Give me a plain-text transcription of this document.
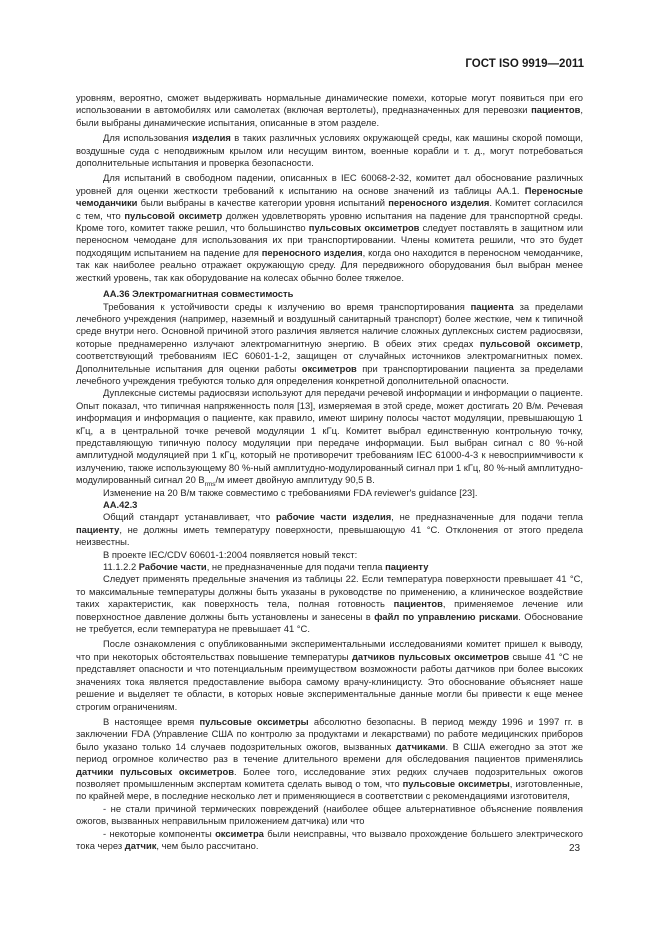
ГОСТ ISO 9919—2011

уровням, вероятно, сможет выдерживать нормальные динамические помехи, которые могут появиться при его использовании в автомобилях или самолетах (включая вертолеты), предназначенных для перевозки пациентов, были выбраны динамические испытания, описанные в этом разделе.

Для использования изделия в таких различных условиях окружающей среды, как машины скорой помощи, воздушные суда с неподвижным крылом или несущим винтом, военные корабли и т. д., могут потребоваться дополнительные испытания и проверка безопасности.

Для испытаний в свободном падении, описанных в IEC 60068-2-32, комитет дал обоснование различных уровней для оценки жесткости требований к испытанию на основе значений из таблицы АА.1. Переносные чемоданчики были выбраны в качестве категории уровня испытаний переносного изделия. Комитет согласился с тем, что пульсовой оксиметр должен удовлетворять уровню испытания на падение для транспортной среды. Кроме того, комитет также решил, что большинство пульсовых оксиметров следует поставлять в защитном или переносном чемодане для использования их при транспортировании. Члены комитета решили, что это будет подходящим испытанием на падение для переносного изделия, когда оно находится в переносном чемоданчике, так как наиболее реально отражает окружающую среду. Для передвижного оборудования был выбран менее жесткий уровень, так как оборудование на колесах обычно более тяжелое.

АА.36 Электромагнитная совместимость

Требования к устойчивости среды к излучению во время транспортирования пациента за пределами лечебного учреждения (например, наземный и воздушный санитарный транспорт) более жесткие, чем к типичной среде внутри него. Основной причиной этого различия является наличие сложных дуплексных систем радиосвязи, которые преднамеренно излучают электромагнитную энергию. В обеих этих средах пульсовой оксиметр, соответствующий требованиям IEC 60601-1-2, защищен от случайных источников электромагнитных помех. Дополнительные испытания для оценки работы оксиметров при транспортировании пациента за пределами лечебного учреждения требуются только для определения конкретной дополнительной опасности.

Дуплексные системы радиосвязи используют для передачи речевой информации и информации о пациенте. Опыт показал, что типичная напряженность поля [13], измеряемая в этой среде, может достигать 20 В/м. Речевая информация и информация о пациенте, как правило, имеют ширину полосы частот модуляции, превышающую 1 кГц, а в центральной точке речевой модуляции 1 кГц. Комитет выбрал единственную контрольную точку, представляющую типичную полосу модуляции при передаче информации. Был выбран сигнал с 80 %-ной амплитудной модуляцией при 1 кГц, который не противоречит требованиям IEC 61000-4-3 к невосприимчивости к излучению, также использующему 80 %-ный амплитудно-модулированный сигнал при 1 кГц, 80 %-ный амплитудно-модулированный сигнал 20 $В_{rms}/м$ имеет двойную амплитуду 90,5 В.

Изменение на 20 В/м также совместимо с требованиями FDA reviewer's guidance [23].

АА.42.3

Общий стандарт устанавливает, что рабочие части изделия, не предназначенные для подачи тепла пациенту, не должны иметь температуру поверхности, превышающую 41 °С. Отклонения от этого предела неизвестны.

В проекте IEC/CDV 60601-1:2004 появляется новый текст:

11.1.2.2 Рабочие части, не предназначенные для подачи тепла пациенту

Следует применять предельные значения из таблицы 22. Если температура поверхности превышает 41 °С, то максимальные температуры должны быть указаны в руководстве по применению, а клиническое воздействие таких характеристик, как поверхность тела, полная готовность пациентов, применяемое лечение или поверхностное давление должны быть установлены и занесены в файл по управлению рисками. Обоснование не требуется, если температура не превышает 41 °С.

После ознакомления с опубликованными экспериментальными исследованиями комитет пришел к выводу, что при некоторых обстоятельствах повышение температуры датчиков пульсовых оксиметров свыше 41 °С не представляет опасности и что потенциальным преимуществом возможности работы датчиков при более высоких значениях тока является предоставление выбора самому врачу-клиницисту. Это обоснование объясняет наше решение и выделяет те области, в которых новые экспериментальные данные могли бы привести к еще менее строгим ограничениям.

В настоящее время пульсовые оксиметры абсолютно безопасны. В период между 1996 и 1997 гг. в заключении FDA (Управление США по контролю за продуктами и лекарствами) по работе медицинских приборов было указано только 14 случаев подозрительных ожогов, вызванных датчиками. В США ежегодно за этот же период огромное количество раз в течение длительного времени для обследования пациентов применялись датчики пульсовых оксиметров. Более того, исследование этих редких случаев подозрительных ожогов позволяет промышленным экспертам комитета сделать вывод о том, что пульсовые оксиметры, изготовленные, по крайней мере, в последние несколько лет и применяющиеся в соответствии с рекомендациями изготовителя,

- не стали причиной термических повреждений (наиболее общее альтернативное объяснение появления ожогов, вызванных неправильным приложением датчика) или что

- некоторые компоненты оксиметра были неисправны, что вызвало прохождение большего электрического тока через датчик, чем было рассчитано.	23
